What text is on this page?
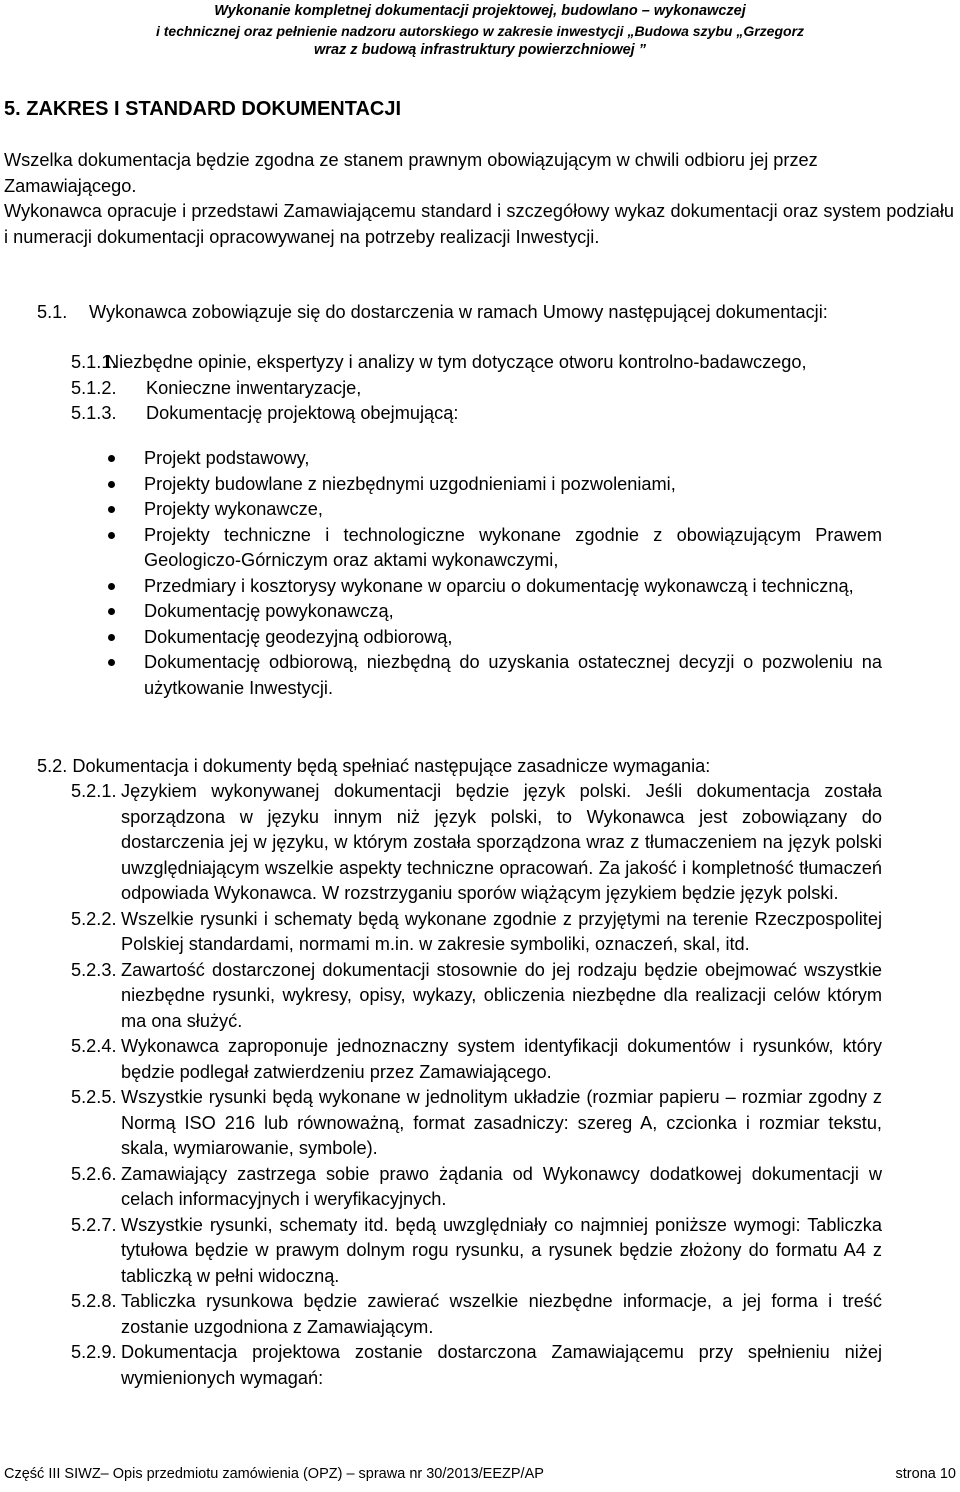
Wykonanie kompletnej dokumentacji projektowej, budowlano – wykonawczej
i technicznej oraz pełnienie nadzoru autorskiego w zakresie inwestycji „Budowa szybu „Grzegorz
wraz z budową infrastruktury powierzchniowej ”
5. ZAKRES I STANDARD DOKUMENTACJI
Wszelka dokumentacja będzie zgodna ze stanem prawnym obowiązującym w chwili odbioru jej przez Zamawiającego.
Wykonawca opracuje i przedstawi Zamawiającemu standard i szczegółowy wykaz dokumentacji oraz system podziału i numeracji dokumentacji opracowywanej na potrzeby realizacji Inwestycji.
5.1.	Wykonawca zobowiązuje się do dostarczenia w ramach Umowy następującej dokumentacji:
5.1.1.
Niezbędne opinie, ekspertyzy i analizy w tym dotyczące otworu kontrolno-badawczego,
5.1.2.	Konieczne inwentaryzacje,
5.1.3.	Dokumentację projektową obejmującą:
Projekt podstawowy,
Projekty budowlane z niezbędnymi uzgodnieniami i pozwoleniami,
Projekty wykonawcze,
Projekty techniczne i technologiczne wykonane zgodnie z obowiązującym Prawem Geologiczo-Górniczym oraz aktami wykonawczymi,
Przedmiary i kosztorysy wykonane w oparciu o dokumentację wykonawczą i techniczną,
Dokumentację powykonawczą,
Dokumentację geodezyjną odbiorową,
Dokumentację odbiorową, niezbędną do uzyskania ostatecznej decyzji o pozwoleniu na użytkowanie Inwestycji.
5.2. Dokumentacja i dokumenty będą spełniać następujące zasadnicze wymagania:
5.2.1. Językiem wykonywanej dokumentacji będzie język polski. Jeśli dokumentacja została sporządzona w języku innym niż język polski, to Wykonawca jest zobowiązany do dostarczenia jej w języku, w którym została sporządzona wraz z tłumaczeniem na język polski uwzględniającym wszelkie aspekty techniczne opracowań. Za jakość i kompletność tłumaczeń odpowiada Wykonawca. W rozstrzyganiu sporów wiążącym językiem będzie język polski.
5.2.2. Wszelkie rysunki i schematy będą wykonane zgodnie z przyjętymi na terenie Rzeczpospolitej Polskiej standardami, normami m.in. w zakresie symboliki, oznaczeń, skal, itd.
5.2.3. Zawartość dostarczonej dokumentacji stosownie do jej rodzaju będzie obejmować wszystkie niezbędne rysunki, wykresy, opisy, wykazy, obliczenia niezbędne dla realizacji celów którym ma ona służyć.
5.2.4. Wykonawca zaproponuje jednoznaczny system identyfikacji dokumentów i rysunków, który będzie podlegał zatwierdzeniu przez Zamawiającego.
5.2.5. Wszystkie rysunki będą wykonane w jednolitym układzie (rozmiar papieru – rozmiar zgodny z Normą ISO 216 lub równoważną, format zasadniczy: szereg A, czcionka i rozmiar tekstu, skala, wymiarowanie, symbole).
5.2.6. Zamawiający zastrzega sobie prawo żądania od Wykonawcy dodatkowej dokumentacji w celach informacyjnych i weryfikacyjnych.
5.2.7. Wszystkie rysunki, schematy itd. będą uwzględniały co najmniej poniższe wymogi: Tabliczka tytułowa będzie w prawym dolnym rogu rysunku, a rysunek będzie złożony do formatu A4 z tabliczką w pełni widoczną.
5.2.8. Tabliczka rysunkowa będzie zawierać wszelkie niezbędne informacje, a jej forma i treść zostanie uzgodniona z Zamawiającym.
5.2.9. Dokumentacja projektowa zostanie dostarczona Zamawiającemu przy spełnieniu niżej wymienionych wymagań:
Część III SIWZ– Opis przedmiotu zamówienia (OPZ) – sprawa nr 30/2013/EEZP/AP	strona 10
